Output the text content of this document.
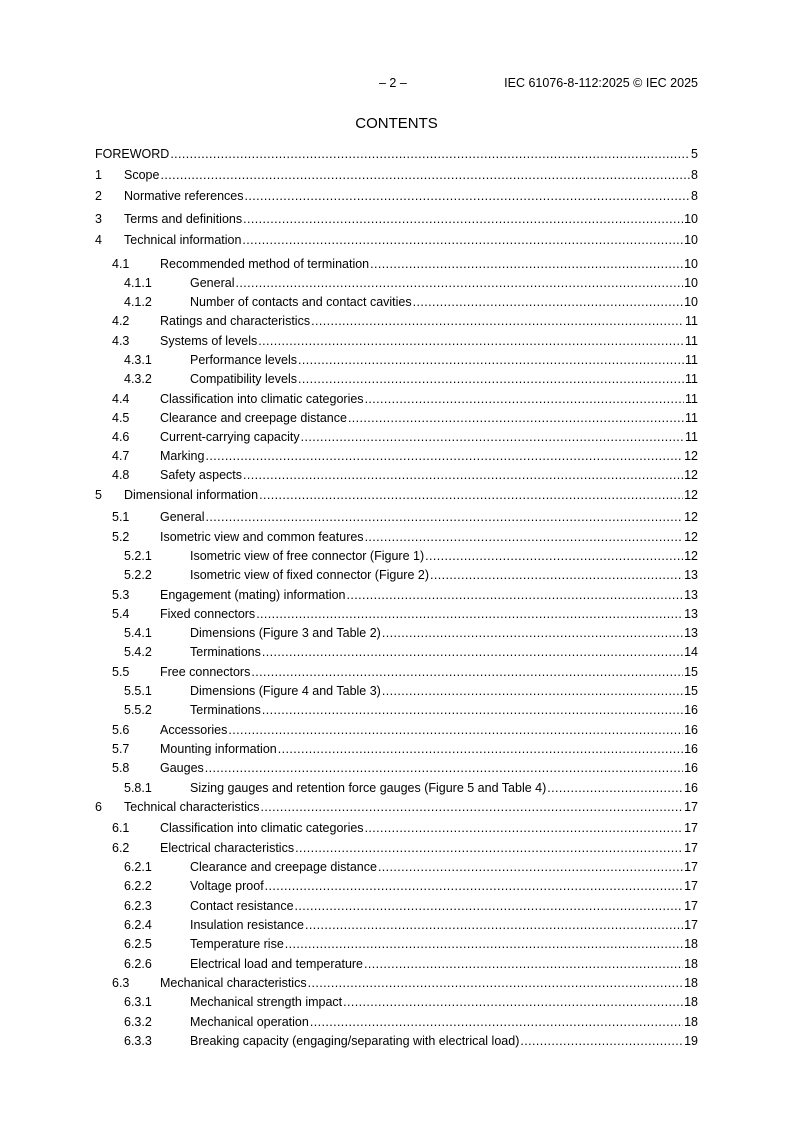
– 2 –	IEC 61076-8-112:2025 © IEC 2025
CONTENTS
FOREWORD .....	5
1 Scope .....	8
2 Normative references .....	8
3 Terms and definitions .....	10
4 Technical information .....	10
4.1 Recommended method of termination .....	10
4.1.1	General .....	10
4.1.2	Number of contacts and contact cavities .....	10
4.2 Ratings and characteristics .....	11
4.3 Systems of levels .....	11
4.3.1	Performance levels .....	11
4.3.2	Compatibility levels .....	11
4.4 Classification into climatic categories .....	11
4.5 Clearance and creepage distance .....	11
4.6 Current-carrying capacity .....	11
4.7 Marking .....	12
4.8 Safety aspects .....	12
5 Dimensional information .....	12
5.1 General .....	12
5.2 Isometric view and common features .....	12
5.2.1	Isometric view of free connector (Figure 1) .....	12
5.2.2	Isometric view of fixed connector (Figure 2) .....	13
5.3 Engagement (mating) information .....	13
5.4 Fixed connectors .....	13
5.4.1	Dimensions (Figure 3 and Table 2) .....	13
5.4.2	Terminations .....	14
5.5 Free connectors .....	15
5.5.1	Dimensions (Figure 4 and Table 3) .....	15
5.5.2	Terminations .....	16
5.6 Accessories .....	16
5.7 Mounting information .....	16
5.8 Gauges .....	16
5.8.1	Sizing gauges and retention force gauges (Figure 5 and Table 4) .....	16
6 Technical characteristics .....	17
6.1 Classification into climatic categories .....	17
6.2 Electrical characteristics .....	17
6.2.1	Clearance and creepage distance .....	17
6.2.2	Voltage proof .....	17
6.2.3	Contact resistance .....	17
6.2.4	Insulation resistance .....	17
6.2.5	Temperature rise .....	18
6.2.6	Electrical load and temperature .....	18
6.3 Mechanical characteristics .....	18
6.3.1	Mechanical strength impact .....	18
6.3.2	Mechanical operation .....	18
6.3.3	Breaking capacity (engaging/separating with electrical load) .....	19
